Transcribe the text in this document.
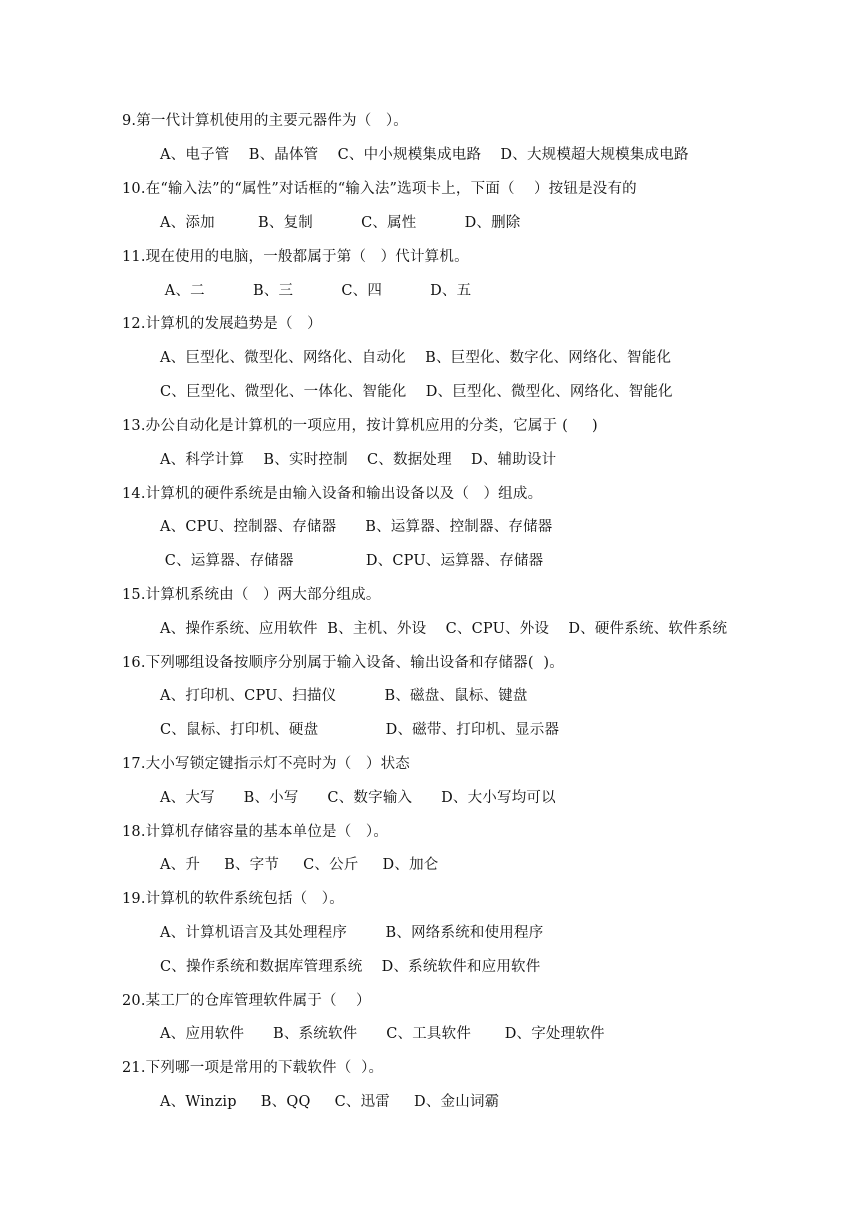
9.第一代计算机使用的主要元器件为（   ）。
A、电子管    B、晶体管    C、中小规模集成电路    D、大规模超大规模集成电路
10.在“输入法”的“属性”对话框的“输入法”选项卡上，下面（    ）按钮是没有的
A、添加         B、复制          C、属性          D、删除
11.现在使用的电脑，一般都属于第（   ）代计算机。
A、二          B、三          C、四          D、五
12.计算机的发展趋势是（   ）
A、巨型化、微型化、网络化、自动化    B、巨型化、数字化、网络化、智能化
C、巨型化、微型化、一体化、智能化    D、巨型化、微型化、网络化、智能化
13.办公自动化是计算机的一项应用，按计算机应用的分类，它属于 (     )
A、科学计算    B、实时控制    C、数据处理    D、辅助设计
14.计算机的硬件系统是由输入设备和输出设备以及（   ）组成。
A、CPU、控制器、存储器      B、运算器、控制器、存储器
C、运算器、存储器               D、CPU、运算器、存储器
15.计算机系统由（   ）两大部分组成。
A、操作系统、应用软件  B、主机、外设    C、CPU、外设    D、硬件系统、软件系统
16.下列哪组设备按顺序分别属于输入设备、输出设备和存储器(  )。
A、打印机、CPU、扫描仪          B、磁盘、鼠标、键盘
C、鼠标、打印机、硬盘              D、磁带、打印机、显示器
17.大小写锁定键指示灯不亮时为（   ）状态
A、大写      B、小写      C、数字输入      D、大小写均可以
18.计算机存储容量的基本单位是（   ）。
A、升     B、字节     C、公斤     D、加仑
19.计算机的软件系统包括（   ）。
A、计算机语言及其处理程序        B、网络系统和使用程序
C、操作系统和数据库管理系统    D、系统软件和应用软件
20.某工厂的仓库管理软件属于（    ）
A、应用软件      B、系统软件      C、工具软件       D、字处理软件
21.下列哪一项是常用的下载软件（  ）。
A、Winzip     B、QQ     C、迅雷     D、金山词霸
